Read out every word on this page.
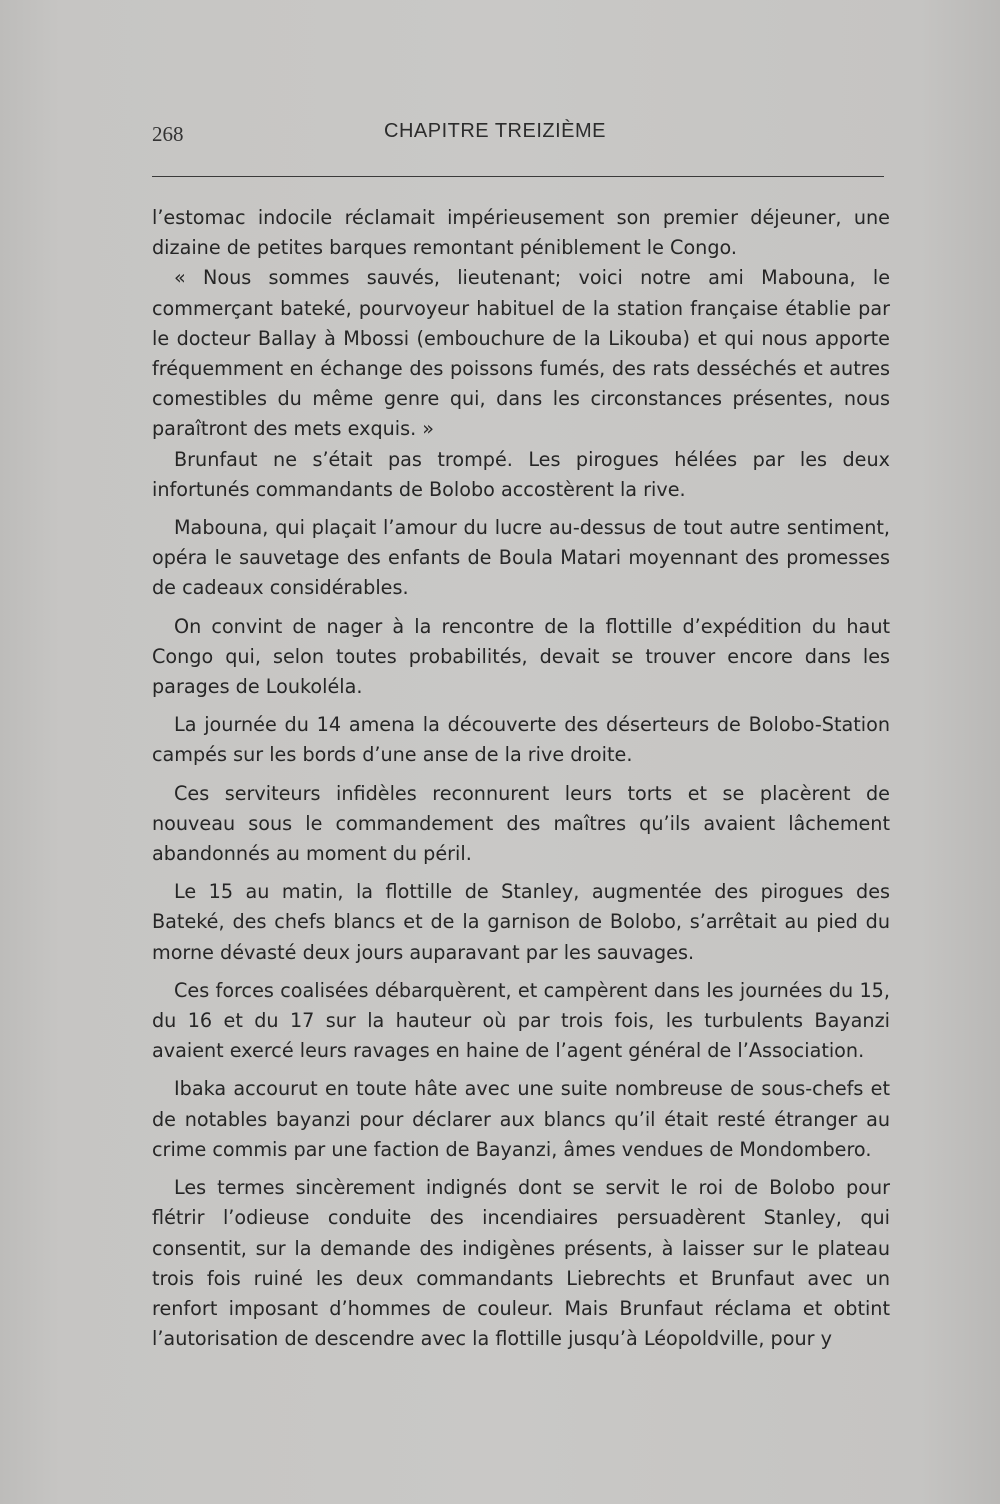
268	CHAPITRE TREIZIÈME

l’estomac indocile réclamait impérieusement son premier déjeuner, une dizaine de petites barques remontant péniblement le Congo.

« Nous sommes sauvés, lieutenant; voici notre ami Mabouna, le commerçant bateké, pourvoyeur habituel de la station française établie par le docteur Ballay à Mbossi (embouchure de la Likouba) et qui nous apporte fréquemment en échange des poissons fumés, des rats desséchés et autres comestibles du même genre qui, dans les circonstances présentes, nous paraîtront des mets exquis. »

Brunfaut ne s’était pas trompé. Les pirogues hélées par les deux infortunés commandants de Bolobo accostèrent la rive.

Mabouna, qui plaçait l’amour du lucre au-dessus de tout autre sentiment, opéra le sauvetage des enfants de Boula Matari moyennant des promesses de cadeaux considérables.

On convint de nager à la rencontre de la flottille d’expédition du haut Congo qui, selon toutes probabilités, devait se trouver encore dans les parages de Loukoléla.

La journée du 14 amena la découverte des déserteurs de Bolobo-Station campés sur les bords d’une anse de la rive droite.

Ces serviteurs infidèles reconnurent leurs torts et se placèrent de nouveau sous le commandement des maîtres qu’ils avaient lâchement abandonnés au moment du péril.

Le 15 au matin, la flottille de Stanley, augmentée des pirogues des Bateké, des chefs blancs et de la garnison de Bolobo, s’arrêtait au pied du morne dévasté deux jours auparavant par les sauvages.

Ces forces coalisées débarquèrent, et campèrent dans les journées du 15, du 16 et du 17 sur la hauteur où par trois fois, les turbulents Bayanzi avaient exercé leurs ravages en haine de l’agent général de l’Association.

Ibaka accourut en toute hâte avec une suite nombreuse de sous-chefs et de notables bayanzi pour déclarer aux blancs qu’il était resté étranger au crime commis par une faction de Bayanzi, âmes vendues de Mondombero.

Les termes sincèrement indignés dont se servit le roi de Bolobo pour flétrir l’odieuse conduite des incendiaires persuadèrent Stanley, qui consentit, sur la demande des indigènes présents, à laisser sur le plateau trois fois ruiné les deux commandants Liebrechts et Brunfaut avec un renfort imposant d’hommes de couleur. Mais Brunfaut réclama et obtint l’autorisation de descendre avec la flottille jusqu’à Léopoldville, pour y
